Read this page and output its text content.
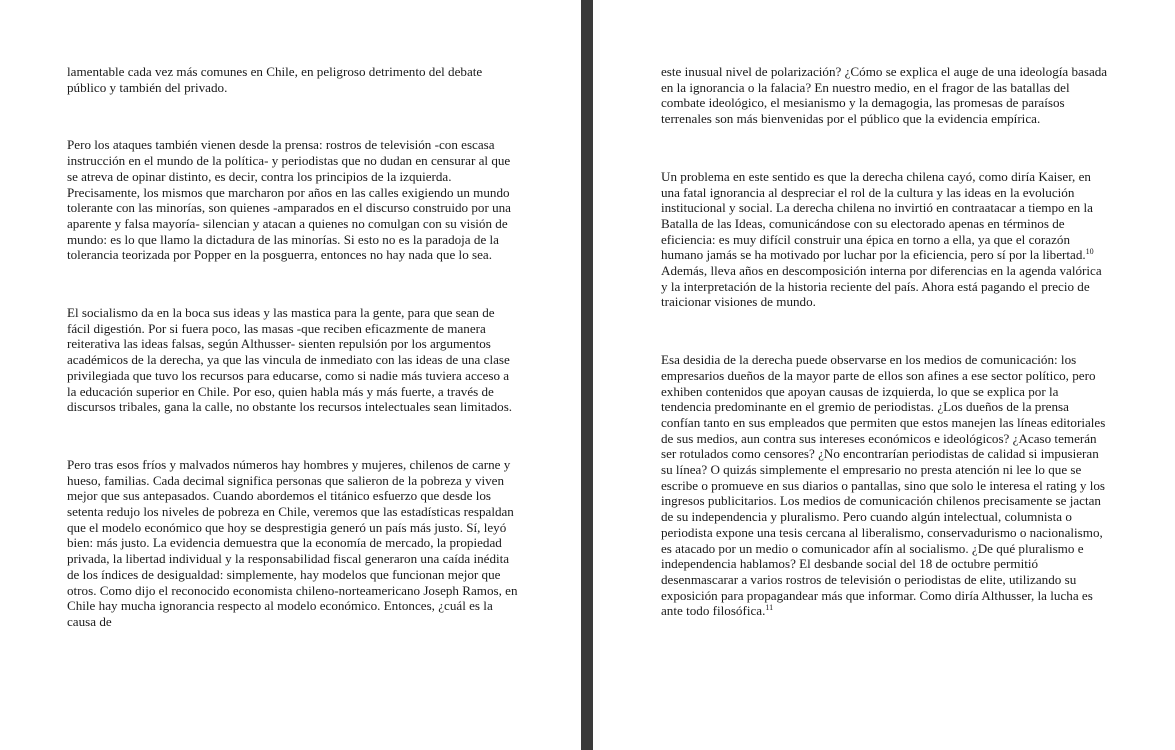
lamentable cada vez más comunes en Chile, en peligroso detrimento del debate público y también del privado.

Pero los ataques también vienen desde la prensa: rostros de televisión -con escasa instrucción en el mundo de la política- y periodistas que no dudan en censurar al que se atreva de opinar distinto, es decir, contra los principios de la izquierda. Precisamente, los mismos que marcharon por años en las calles exigiendo un mundo tolerante con las minorías, son quienes -amparados en el discurso construido por una aparente y falsa mayoría- silencian y atacan a quienes no comulgan con su visión de mundo: es lo que llamo la dictadura de las minorías. Si esto no es la paradoja de la tolerancia teorizada por Popper en la posguerra, entonces no hay nada que lo sea.

El socialismo da en la boca sus ideas y las mastica para la gente, para que sean de fácil digestión. Por si fuera poco, las masas -que reciben eficazmente de manera reiterativa las ideas falsas, según Althusser- sienten repulsión por los argumentos académicos de la derecha, ya que las vincula de inmediato con las ideas de una clase privilegiada que tuvo los recursos para educarse, como si nadie más tuviera acceso a la educación superior en Chile. Por eso, quien habla más y más fuerte, a través de discursos tribales, gana la calle, no obstante los recursos intelectuales sean limitados.

Pero tras esos fríos y malvados números hay hombres y mujeres, chilenos de carne y hueso, familias. Cada decimal significa personas que salieron de la pobreza y viven mejor que sus antepasados. Cuando abordemos el titánico esfuerzo que desde los setenta redujo los niveles de pobreza en Chile, veremos que las estadísticas respaldan que el modelo económico que hoy se desprestigia generó un país más justo. Sí, leyó bien: más justo. La evidencia demuestra que la economía de mercado, la propiedad privada, la libertad individual y la responsabilidad fiscal generaron una caída inédita de los índices de desigualdad: simplemente, hay modelos que funcionan mejor que otros. Como dijo el reconocido economista chileno-norteamericano Joseph Ramos, en Chile hay mucha ignorancia respecto al modelo económico. Entonces, ¿cuál es la causa de

este inusual nivel de polarización? ¿Cómo se explica el auge de una ideología basada en la ignorancia o la falacia? En nuestro medio, en el fragor de las batallas del combate ideológico, el mesianismo y la demagogia, las promesas de paraísos terrenales son más bienvenidas por el público que la evidencia empírica.

Un problema en este sentido es que la derecha chilena cayó, como diría Kaiser, en una fatal ignorancia al despreciar el rol de la cultura y las ideas en la evolución institucional y social. La derecha chilena no invirtió en contraatacar a tiempo en la Batalla de las Ideas, comunicándose con su electorado apenas en términos de eficiencia: es muy difícil construir una épica en torno a ella, ya que el corazón humano jamás se ha motivado por luchar por la eficiencia, pero sí por la libertad.$^{10}$ Además, lleva años en descomposición interna por diferencias en la agenda valórica y la interpretación de la historia reciente del país. Ahora está pagando el precio de traicionar visiones de mundo.

Esa desidia de la derecha puede observarse en los medios de comunicación: los empresarios dueños de la mayor parte de ellos son afines a ese sector político, pero exhiben contenidos que apoyan causas de izquierda, lo que se explica por la tendencia predominante en el gremio de periodistas. ¿Los dueños de la prensa confían tanto en sus empleados que permiten que estos manejen las líneas editoriales de sus medios, aun contra sus intereses económicos e ideológicos? ¿Acaso temerán ser rotulados como censores? ¿No encontrarían periodistas de calidad si impusieran su línea? O quizás simplemente el empresario no presta atención ni lee lo que se escribe o promueve en sus diarios o pantallas, sino que solo le interesa el rating y los ingresos publicitarios. Los medios de comunicación chilenos precisamente se jactan de su independencia y pluralismo. Pero cuando algún intelectual, columnista o periodista expone una tesis cercana al liberalismo, conservadurismo o nacionalismo, es atacado por un medio o comunicador afín al socialismo. ¿De qué pluralismo e independencia hablamos? El desbande social del 18 de octubre permitió desenmascarar a varios rostros de televisión o periodistas de elite, utilizando su exposición para propagandear más que informar. Como diría Althusser, la lucha es ante todo filosófica.$^{11}$
